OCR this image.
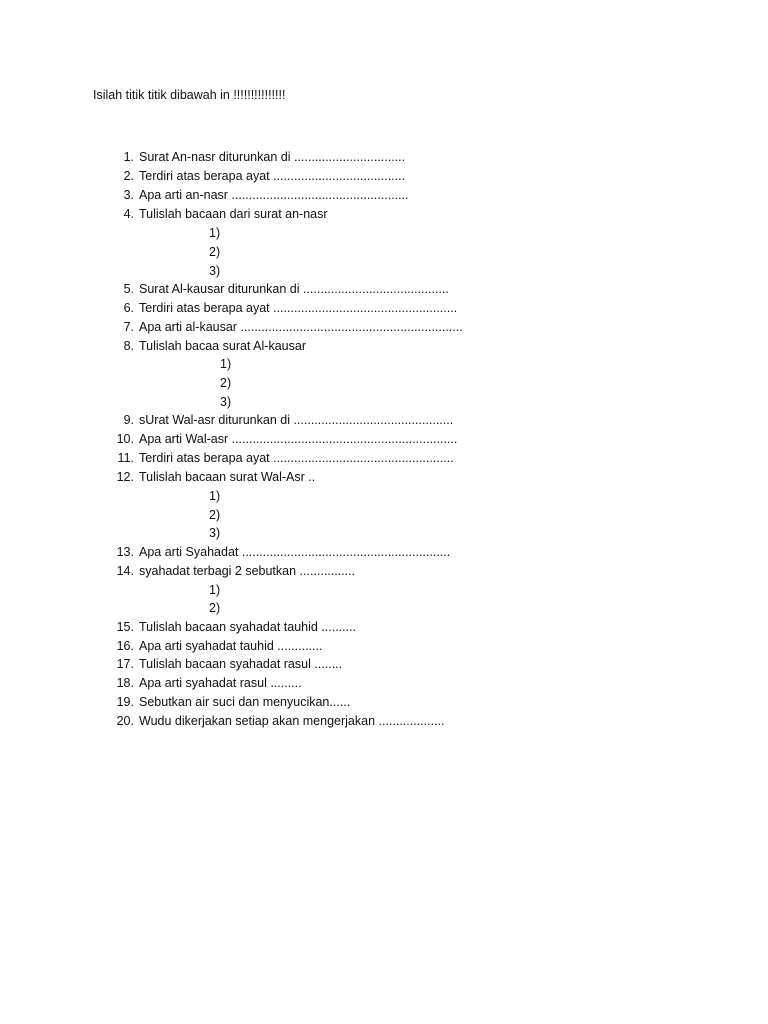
Isilah titik titik dibawah in !!!!!!!!!!!!!!!
1. Surat An-nasr diturunkan di ................................
2. Terdiri atas berapa ayat ......................................
3. Apa arti an-nasr ...................................................
4. Tulislah bacaan dari surat an-nasr
1)
2)
3)
5. Surat Al-kausar diturunkan di ..........................................
6. Terdiri atas berapa ayat .....................................................
7. Apa arti al-kausar ................................................................
8. Tulislah bacaa surat Al-kausar
1)
2)
3)
9. sUrat Wal-asr diturunkan di ..............................................
10. Apa arti Wal-asr .................................................................
11. Terdiri atas berapa ayat ....................................................
12. Tulislah bacaan surat Wal-Asr ..
1)
2)
3)
13. Apa arti Syahadat ............................................................
14. syahadat terbagi 2 sebutkan ................
1)
2)
15. Tulislah bacaan syahadat tauhid ..........
16. Apa arti syahadat tauhid .............
17. Tulislah bacaan syahadat rasul ........
18. Apa arti syahadat rasul .........
19. Sebutkan air suci dan menyucikan......
20. Wudu dikerjakan setiap akan mengerjakan ...................
